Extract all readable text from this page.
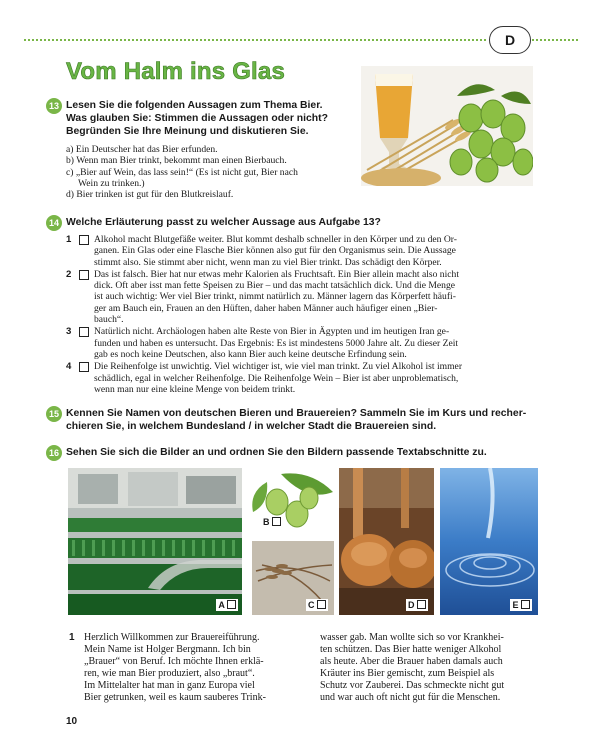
D
Vom Halm ins Glas
13 Lesen Sie die folgenden Aussagen zum Thema Bier.
Was glauben Sie: Stimmen die Aussagen oder nicht?
Begründen Sie Ihre Meinung und diskutieren Sie.
a) Ein Deutscher hat das Bier erfunden.
b) Wenn man Bier trinkt, bekommt man einen Bierbauch.
c) „Bier auf Wein, das lass sein!“ (Es ist nicht gut, Bier nach
Wein zu trinken.)
d) Bier trinken ist gut für den Blutkreislauf.
14 Welche Erläuterung passt zu welcher Aussage aus Aufgabe 13?
1 Alkohol macht Blutgefäße weiter. Blut kommt deshalb schneller in den Körper und zu den Or-
ganen. Ein Glas oder eine Flasche Bier können also gut für den Organismus sein. Die Aussage
stimmt also. Sie stimmt aber nicht, wenn man zu viel Bier trinkt. Das schädigt den Körper.
2 Das ist falsch. Bier hat nur etwas mehr Kalorien als Fruchtsaft. Ein Bier allein macht also nicht
dick. Oft aber isst man fette Speisen zu Bier – und das macht tatsächlich dick. Und die Menge
ist auch wichtig: Wer viel Bier trinkt, nimmt natürlich zu. Männer lagern das Körperfett häufi-
ger am Bauch ein, Frauen an den Hüften, daher haben Männer auch häufiger einen „Bier-
bauch“.
3 Natürlich nicht. Archäologen haben alte Reste von Bier in Ägypten und im heutigen Iran ge-
funden und haben es untersucht. Das Ergebnis: Es ist mindestens 5000 Jahre alt. Zu dieser Zeit
gab es noch keine Deutschen, also kann Bier auch keine deutsche Erfindung sein.
4 Die Reihenfolge ist unwichtig. Viel wichtiger ist, wie viel man trinkt. Zu viel Alkohol ist immer
schädlich, egal in welcher Reihenfolge. Die Reihenfolge Wein – Bier ist aber unproblematisch,
wenn man nur eine kleine Menge von beidem trinkt.
15 Kennen Sie Namen von deutschen Bieren und Brauereien? Sammeln Sie im Kurs und recher-
chieren Sie, in welchem Bundesland / in welcher Stadt die Brauereien sind.
16 Sehen Sie sich die Bilder an und ordnen Sie den Bildern passende Textabschnitte zu.
A
B
C	D	E
1 Herzlich Willkommen zur Brauereiführung.
Mein Name ist Holger Bergmann. Ich bin
„Brauer“ von Beruf. Ich möchte Ihnen erklä-
ren, wie man Bier produziert, also „braut“.
Im Mittelalter hat man in ganz Europa viel
Bier getrunken, weil es kaum sauberes Trink-
wasser gab. Man wollte sich so vor Krankhei-
ten schützen. Das Bier hatte weniger Alkohol
als heute. Aber die Brauer haben damals auch
Kräuter ins Bier gemischt, zum Beispiel als
Schutz vor Zauberei. Das schmeckte nicht gut
und war auch oft nicht gut für die Menschen.
10
